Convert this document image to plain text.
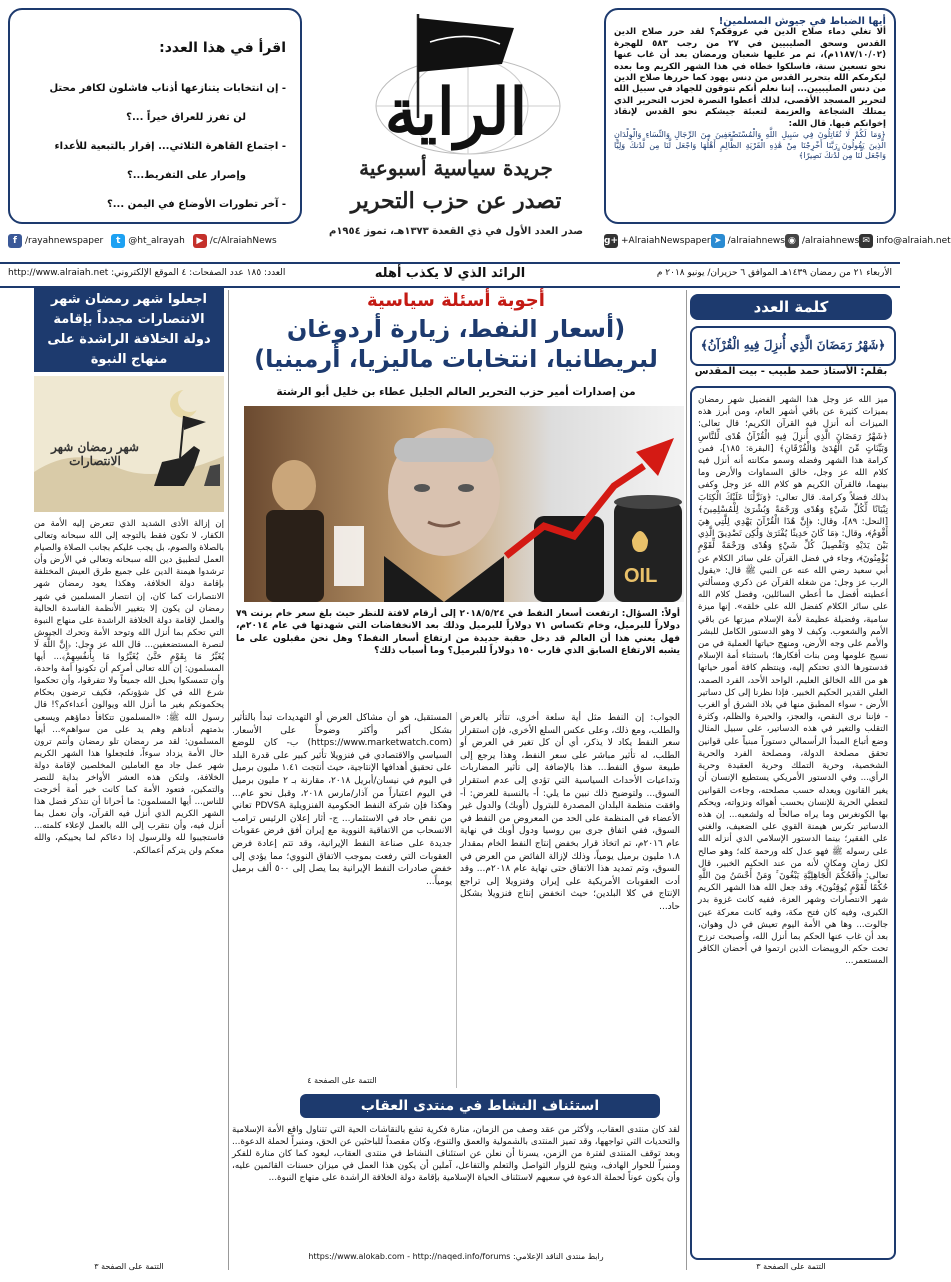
أيها الضباط في جيوش المسلمين!
ألا تغلي دماء صلاح الدين في عروقكم؟ لقد حرر صلاح الدين القدس وسحق الصليبيين في ٢٧ من رجب ٥٨٣ للهجرة (١١٨٧/١٠/٠٢م)، ثم مر عليها شعبان ورمضان بعد أن غاب عنها نحو تسعين سنة، فاسلكوا خطاه في هذا الشهر الكريم وما بعده ليكرمكم الله بتحرير القدس من دنس يهود كما حررها صلاح الدين من دنس الصليبيين... إننا نعلم أنكم تتوقون للجهاد في سبيل الله لتحرير المسجد الأقصى، لذلك أعطوا النصرة لحزب التحرير الذي يمتلك الشجاعة والعزيمة لتعبئة جيشكم نحو القدس لإنقاذ إخوانكم فيها. قال الله:
﴿وَمَا لَكُمْ لَا تُقَاتِلُونَ فِي سَبِيلِ اللَّهِ وَالْمُسْتَضْعَفِينَ مِنَ الرِّجَالِ وَالنِّسَاءِ وَالْوِلْدَانِ الَّذِينَ يَقُولُونَ رَبَّنَا أَخْرِجْنَا مِنْ هَٰذِهِ الْقَرْيَةِ الظَّالِمِ أَهْلُهَا وَاجْعَل لَّنَا مِن لَّدُنكَ وَلِيًّا وَاجْعَل لَّنَا مِن لَّدُنكَ نَصِيرًا﴾
الراية
جريدة سياسية أسبوعية
تصدر عن حزب التحرير
صدر العدد الأول في ذي القعدة ١٣٧٣هـ، تموز ١٩٥٤م
اقرأ في هذا العدد:
- إن انتخابات يتنازعها أذناب فاشلون لكافر محتل
لن تفرز للعراق خيراً ...؟
- اجتماع القاهرة الثلاثي... إقرار بالتبعية للأعداء
وإصرار على التفريط...؟
- آخر تطورات الأوضاع في اليمن ...؟
g+ +AlraiahNewspaper ➤ /alraiahnews ◉ /alraiahnews ✉ info@alraiah.net
f /rayahnewspaper	t @ht_alrayah	▶ /c/AlraiahNews
الأربعاء ٢١ من رمضان ١٤٣٩هـ الموافق ٦ حزيران/ يونيو ٢٠١٨ م
الرائد الذي لا يكذب أهله
العدد: ١٨٥ عدد الصفحات: ٤ الموقع الإلكتروني: http://www.alraiah.net
كلمة العدد
﴿شَهْرُ رَمَضَانَ الَّذِي أُنزِلَ فِيهِ الْقُرْآنُ﴾
بقلم: الأستاذ حمد طبيب - بيت المقدس
ميز الله عز وجل هذا الشهر الفضيل شهر رمضان بميزات كثيرة عن باقي أشهر العام، ومن أبرز هذه الميزات أنه أنزل فيه القرآن الكريم؛ قال تعالى: ﴿شَهْرُ رَمَضَانَ الَّذِي أُنزِلَ فِيهِ الْقُرْآنُ هُدًى لِّلنَّاسِ وَبَيِّنَاتٍ مِّنَ الْهُدَىٰ وَالْفُرْقَانِ﴾ [البقرة: ١٨٥]، فمن كرامة هذا الشهر وفضله وسمو مكانته أنه أنزل فيه كلام الله عز وجل، خالق السماوات والأرض وما بينهما، فالقرآن الكريم هو كلام الله عز وجل وكفى بذلك فضلاً وكرامة. قال تعالى: ﴿وَنَزَّلْنَا عَلَيْكَ الْكِتَابَ تِبْيَانًا لِّكُلِّ شَيْءٍ وَهُدًى وَرَحْمَةً وَبُشْرَىٰ لِلْمُسْلِمِينَ﴾ [النحل: ٨٩]، وقال: ﴿إِنَّ هَٰذَا الْقُرْآنَ يَهْدِي لِلَّتِي هِيَ أَقْوَمُ﴾، وقال: ﴿مَا كَانَ حَدِيثًا يُفْتَرَىٰ وَلَٰكِن تَصْدِيقَ الَّذِي بَيْنَ يَدَيْهِ وَتَفْصِيلَ كُلِّ شَيْءٍ وَهُدًى وَرَحْمَةً لِّقَوْمٍ يُؤْمِنُونَ﴾، وجاء في فضل القرآن على سائر الكلام عن أبي سعيد رضي الله عنه عن النبي ﷺ قال: «يقول الرب عز وجل: من شغله القرآن عن ذكري ومسألتي أعطيته أفضل ما أعطي السائلين، وفضل كلام الله على سائر الكلام كفضل الله على خلقه». إنها ميزة سامية، وفضيلة عظيمة لأمة الإسلام ميزتها عن باقي الأمم والشعوب. وكيف لا وهو الدستور الكامل للبشر والأمم على وجه الأرض، ومنهج حياتها العملية في من نسيج علومها ومن بنات أفكارها؛ باستثناء أمة الإسلام فدستورها الذي تحتكم إليه، وينتظم كافة أمور حياتها هو من الله الخالق العليم، الواحد الأحد، الفرد الصمد، العلي القدير الحكيم الخبير. فإذا نظرنا إلى كل دساتير الأرض - سواء المطبق منها في بلاد الشرق أو الغرب - فإننا نرى النقص، والعجز، والحيرة والظلم، وكثرة التقلب والتغير في هذه الدساتير، على سبيل المثال وضع أتباع المبدأ الرأسمالي دستوراً مبنياً على قوانين تحقق مصلحة الدولة، ومصلحة الفرد والحرية الشخصية، وحرية التملك وحرية العقيدة وحرية الرأي... وفي الدستور الأمريكي يستطيع الإنسان أن يغير القانون ويعدله حسب مصلحته، وجاءت القوانين لتعطي الحرية للإنسان بحسب أهوائه ونزواته، ويحكم بها الكونغرس وما يراه صالحاً له ولشعبه... إن هذه الدساتير تكرس هيمنة القوي على الضعيف، والغني على الفقير؛ بينما الدستور الإسلامي الذي أنزله الله على رسوله ﷺ فهو عدل كله ورحمة كله؛ وهو صالح لكل زمان ومكان لأنه من عند الحكيم الخبير، قال تعالى: ﴿أَفَحُكْمَ الْجَاهِلِيَّةِ يَبْغُونَ ۚ وَمَنْ أَحْسَنُ مِنَ اللَّهِ حُكْمًا لِّقَوْمٍ يُوقِنُونَ﴾. وقد جعل الله هذا الشهر الكريم شهر الانتصارات وشهر العزة، ففيه كانت غزوة بدر الكبرى، وفيه كان فتح مكة، وفيه كانت معركة عين جالوت... وها هي الأمة اليوم تعيش في ذل وهوان، بعد أن غاب عنها الحكم بما أنزل الله، وأصبحت ترزح تحت حكم الرويبضات الذين ارتموا في أحضان الكافر المستعمر...
التتمة على الصفحة ٣
أجوبة أسئلة سياسية
(أسعار النفط، زيارة أردوغان لبريطانيا، انتخابات ماليزيا، أرمينيا)
من إصدارات أمير حزب التحرير العالم الجليل عطاء بن خليل أبو الرشتة
OIL
أولاً: السؤال: ارتفعت أسعار النفط في ٢٠١٨/٥/٢٤ إلى أرقام لافتة للنظر حيث بلغ سعر خام برنت ٧٩ دولاراً للبرميل، وخام تكساس ٧١ دولاراً للبرميل وذلك بعد الانخفاضات التي شهدتها في عام ٢٠١٤م، فهل يعني هذا أن العالم قد دخل حقبة جديدة من ارتفاع أسعار النفط؟ وهل نحن مقبلون على ما يشبه الارتفاع السابق الذي قارب ١٥٠ دولاراً للبرميل؟ وما أسباب ذلك؟
الجواب: إن النفط مثل أية سلعة أخرى، تتأثر بالعرض والطلب، ومع ذلك، وعلى عكس السلع الأخرى، فإن استقرار سعر النفط يكاد لا يذكر، أي أن كل تغير في العرض أو الطلب، له تأثير مباشر على سعر النفط، وهذا يرجع إلى طبيعة سوق النفط... هذا بالإضافة إلى تأثير المضاربات وتداعيات الأحداث السياسية التي تؤدي إلى عدم استقرار السوق... ولتوضيح ذلك نبين ما يلي: أ- بالنسبة للعرض: أ- وافقت منظمة البلدان المصدرة للبترول (أوبك) والدول غير الأعضاء في المنظمة على الحد من المعروض من النفط في السوق، ففي اتفاق جرى بين روسيا ودول أوبك في نهاية عام ٢٠١٦م، تم اتخاذ قرار بخفض إنتاج النفط الخام بمقدار ١.٨ مليون برميل يومياً، وذلك لإزالة الفائض من العرض في السوق، وتم تمديد هذا الاتفاق حتى نهاية عام ٢٠١٨م... وقد أدت العقوبات الأمريكية على إيران وفنزويلا إلى تراجع الإنتاج في كلا البلدين؛ حيث انخفض إنتاج فنزويلا بشكل حاد...
المستقبل، هو أن مشاكل العرض أو التهديدات تبدأ بالتأثير بشكل أكبر وأكثر وضوحاً على الأسعار. (https://www.marketwatch.com) ب- كان للوضع السياسي والاقتصادي في فنزويلا تأثير كبير على قدرة البلد على تحقيق أهدافها الإنتاجية، حيث أنتجت ١.٤١ مليون برميل في اليوم في نيسان/أبريل ٢٠١٨، مقارنة بـ ٢ مليون برميل في اليوم اعتباراً من آذار/مارس ٢٠١٨، وقبل نحو عام... وهكذا فإن شركة النفط الحكومية الفنزويلية PDVSA تعاني من نقص حاد في الاستثمار... ج- أثار إعلان الرئيس ترامب الانسحاب من الاتفاقية النووية مع إيران أفق فرض عقوبات جديدة على صناعة النفط الإيرانية، وقد تتم إعادة فرض العقوبات التي رفعت بموجب الاتفاق النووي؛ مما يؤدي إلى خفض صادرات النفط الإيرانية بما يصل إلى ٥٠٠ ألف برميل يومياً...
التتمة على الصفحة ٤
استئناف النشاط في منتدى العقاب
لقد كان منتدى العقاب، ولأكثر من عقد وصف من الزمان، منارة فكرية تشع بالنقاشات الحية التي تتناول واقع الأمة الإسلامية والتحديات التي تواجهها، وقد تميز المنتدى بالشمولية والعمق والتنوع، وكان مقصداً للباحثين عن الحق، ومنبراً لحملة الدعوة... وبعد توقف المنتدى لفترة من الزمن، يسرنا أن نعلن عن استئناف النشاط في منتدى العقاب، ليعود كما كان منارة للفكر ومنبراً للحوار الهادف، ويتيح للزوار التواصل والتعلم والتفاعل، آملين أن يكون هذا العمل في ميزان حسنات القائمين عليه، وأن يكون عوناً لحملة الدعوة في سعيهم لاستئناف الحياة الإسلامية بإقامة دولة الخلافة الراشدة على منهاج النبوة...
رابط منتدى الناقد الإعلامي: https://www.alokab.com - http://naqed.info/forums
اجعلوا شهر رمضان شهر الانتصارات مجدداً بإقامة دولة الخلافة الراشدة على منهاج النبوة
شهر رمضان شهر الانتصارات
إن إزالة الأذى الشديد الذي تتعرض إليه الأمة من الكفار، لا تكون فقط بالتوجه إلى الله سبحانه وتعالى بالصلاة والصوم، بل يجب عليكم بجانب الصلاة والصيام العمل لتطبيق دين الله سبحانه وتعالى في الأرض وأن ترشدوا هيمنة الدين على جميع طرق العيش المختلفة بإقامة دولة الخلافة، وهكذا يعود رمضان شهر الانتصارات كما كان، إن انتصار المسلمين في شهر رمضان لن يكون إلا بتغيير الأنظمة الفاسدة الحالية والعمل لإقامة دولة الخلافة الراشدة على منهاج النبوة التي تحكم بما أنزل الله وتوحد الأمة وتحرك الجيوش لنصرة المستضعفين... قال الله عز وجل: ﴿إِنَّ اللَّهَ لَا يُغَيِّرُ مَا بِقَوْمٍ حَتَّىٰ يُغَيِّرُوا مَا بِأَنفُسِهِمْ﴾... أيها المسلمون: إن الله تعالى أمركم أن تكونوا أمة واحدة، وأن تتمسكوا بحبل الله جميعاً ولا تتفرقوا، وأن تحكموا شرع الله في كل شؤونكم، فكيف ترضون بحكام يحكمونكم بغير ما أنزل الله ويوالون أعداءكم؟! قال رسول الله ﷺ: «المسلمون تتكافأ دماؤهم ويسعى بذمتهم أدناهم وهم يد على من سواهم»... أيها المسلمون: لقد مر رمضان تلو رمضان وأنتم ترون حال الأمة يزداد سوءاً، فلتجعلوا هذا الشهر الكريم شهر عمل جاد مع العاملين المخلصين لإقامة دولة الخلافة، ولتكن هذه العشر الأواخر بداية للنصر والتمكين، فتعود الأمة كما كانت خير أمة أخرجت للناس... أيها المسلمون: ما أحرانا أن نتذكر فضل هذا الشهر الكريم الذي أنزل فيه القرآن، وأن نعمل بما أنزل فيه، وأن نتقرب إلى الله بالعمل لإعلاء كلمته... فاستجيبوا لله وللرسول إذا دعاكم لما يحييكم، والله معكم ولن يتركم أعمالكم.
التتمة على الصفحة ٣
